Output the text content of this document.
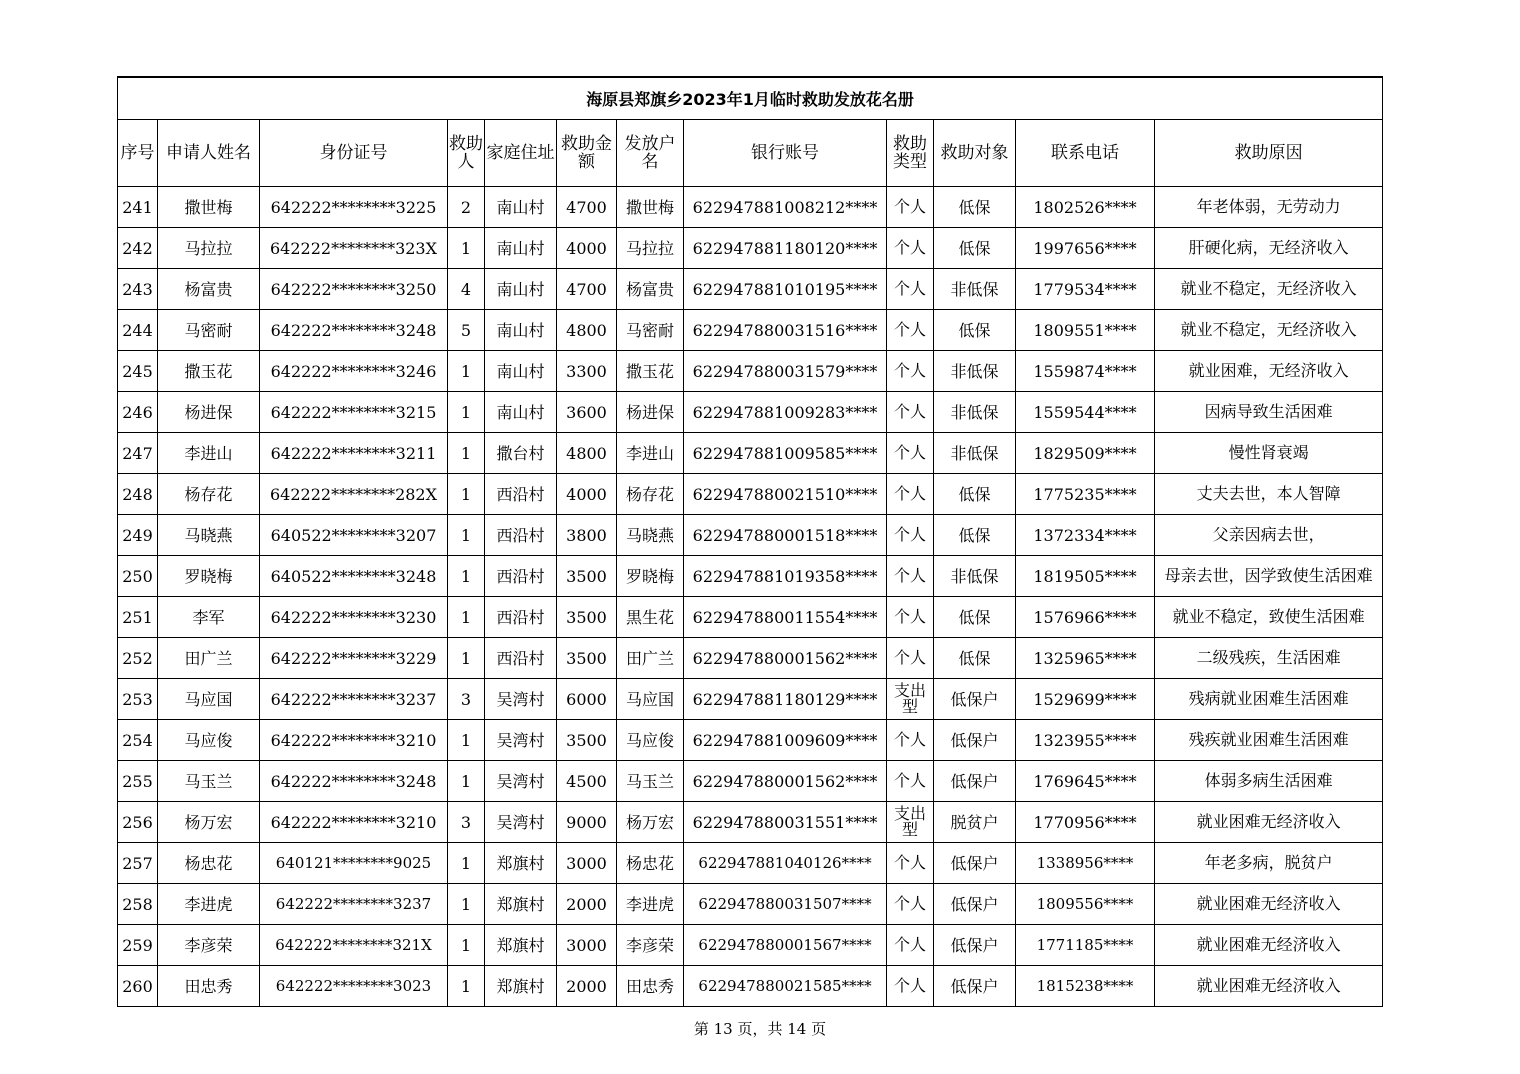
海原县郑旗乡2023年1月临时救助发放花名册											
序号	申请人姓名	身份证号	救助人	家庭住址	救助金额	发放户名	银行账号	救助类型	救助对象	联系电话	救助原因
241	撒世梅	642222********3225	2	南山村	4700	撒世梅	622947881008212****	个人	低保	1802526****	年老体弱，无劳动力
242	马拉拉	642222********323X	1	南山村	4000	马拉拉	622947881180120****	个人	低保	1997656****	肝硬化病，无经济收入
243	杨富贵	642222********3250	4	南山村	4700	杨富贵	622947881010195****	个人	非低保	1779534****	就业不稳定，无经济收入
244	马密耐	642222********3248	5	南山村	4800	马密耐	622947880031516****	个人	低保	1809551****	就业不稳定，无经济收入
245	撒玉花	642222********3246	1	南山村	3300	撒玉花	622947880031579****	个人	非低保	1559874****	就业困难，无经济收入
246	杨进保	642222********3215	1	南山村	3600	杨进保	622947881009283****	个人	非低保	1559544****	因病导致生活困难
247	李进山	642222********3211	1	撒台村	4800	李进山	622947881009585****	个人	非低保	1829509****	慢性肾衰竭
248	杨存花	642222********282X	1	西沿村	4000	杨存花	622947880021510****	个人	低保	1775235****	丈夫去世，本人智障
249	马晓燕	640522********3207	1	西沿村	3800	马晓燕	622947880001518****	个人	低保	1372334****	父亲因病去世，
250	罗晓梅	640522********3248	1	西沿村	3500	罗晓梅	622947881019358****	个人	非低保	1819505****	母亲去世，因学致使生活困难
251	李军	642222********3230	1	西沿村	3500	黒生花	622947880011554****	个人	低保	1576966****	就业不稳定，致使生活困难
252	田广兰	642222********3229	1	西沿村	3500	田广兰	622947880001562****	个人	低保	1325965****	二级残疾，生活困难
253	马应国	642222********3237	3	吴湾村	6000	马应国	622947881180129****	支出型	低保户	1529699****	残病就业困难生活困难
254	马应俊	642222********3210	1	吴湾村	3500	马应俊	622947881009609****	个人	低保户	1323955****	残疾就业困难生活困难
255	马玉兰	642222********3248	1	吴湾村	4500	马玉兰	622947880001562****	个人	低保户	1769645****	体弱多病生活困难
256	杨万宏	642222********3210	3	吴湾村	9000	杨万宏	622947880031551****	支出型	脱贫户	1770956****	就业困难无经济收入
257	杨忠花	640121********9025	1	郑旗村	3000	杨忠花	622947881040126****	个人	低保户	1338956****	年老多病，脱贫户
258	李进虎	642222********3237	1	郑旗村	2000	李进虎	622947880031507****	个人	低保户	1809556****	就业困难无经济收入
259	李彦荣	642222********321X	1	郑旗村	3000	李彦荣	622947880001567****	个人	低保户	1771185****	就业困难无经济收入
260	田忠秀	642222********3023	1	郑旗村	2000	田忠秀	622947880021585****	个人	低保户	1815238****	就业困难无经济收入
第 13 页，共 14 页
